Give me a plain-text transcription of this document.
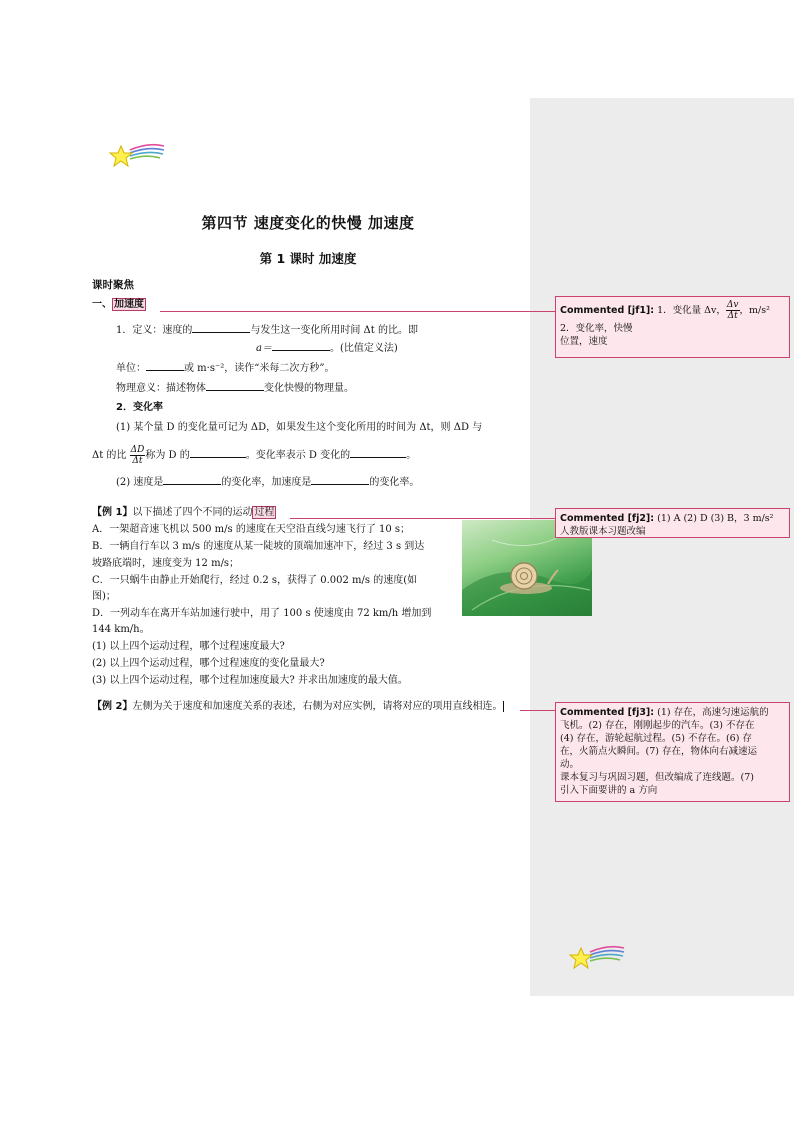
第四节 速度变化的快慢 加速度
第 1 课时 加速度
课时聚焦
一、 加速度
1．定义：速度的	与发生这一变化所用时间 Δt 的比。即
a＝	。(比值定义法)
单位：	或 m·s⁻²，读作“米每二次方秒”。
物理意义：描述物体	变化快慢的物理量。
2．变化率
(1) 某个量 D 的变化量可记为 ΔD，如果发生这个变化所用的时间为 Δt，则 ΔD 与
Δt 的比 $\frac{\Delta D}{\Delta t}$ 称为 D 的	。变化率表示 D 变化的	。
(2) 速度是	的变化率，加速度是	的变化率。
【例 1】以下描述了四个不同的运动 过程
A．一架超音速飞机以 500 m/s 的速度在天空沿直线匀速飞行了 10 s；
B．一辆自行车以 3 m/s 的速度从某一陡坡的顶端加速冲下，经过 3 s 到达
坡路底端时，速度变为 12 m/s；
C．一只蜗牛由静止开始爬行，经过 0.2 s，获得了 0.002 m/s 的速度(如
图)；
D．一列动车在离开车站加速行驶中，用了 100 s 使速度由 72 km/h 增加到
144 km/h。
(1) 以上四个运动过程，哪个过程速度最大?
(2) 以上四个运动过程，哪个过程速度的变化量最大?
(3) 以上四个运动过程，哪个过程加速度最大? 并求出加速度的最大值。
【例 2】左侧为关于速度和加速度关系的表述，右侧为对应实例，请将对应的项用直线相连。
Commented [jf1]: 1．变化量 Δv， $\frac{\Delta v}{\Delta t}$ ，m/s²
2．变化率，快慢
位置，速度
Commented [fj2]: (1) A (2) D (3) B，3 m/s²
人教版课本习题改编
Commented [fj3]: (1) 存在，高速匀速运航的
飞机。(2) 存在，刚刚起步的汽车。(3) 不存在
(4) 存在，游轮起航过程。(5) 不存在。(6) 存
在，火箭点火瞬间。(7) 存在，物体向右减速运
动。
课本复习与巩固习题，但改编成了连线题。(7)
引入下面要讲的 a 方向
